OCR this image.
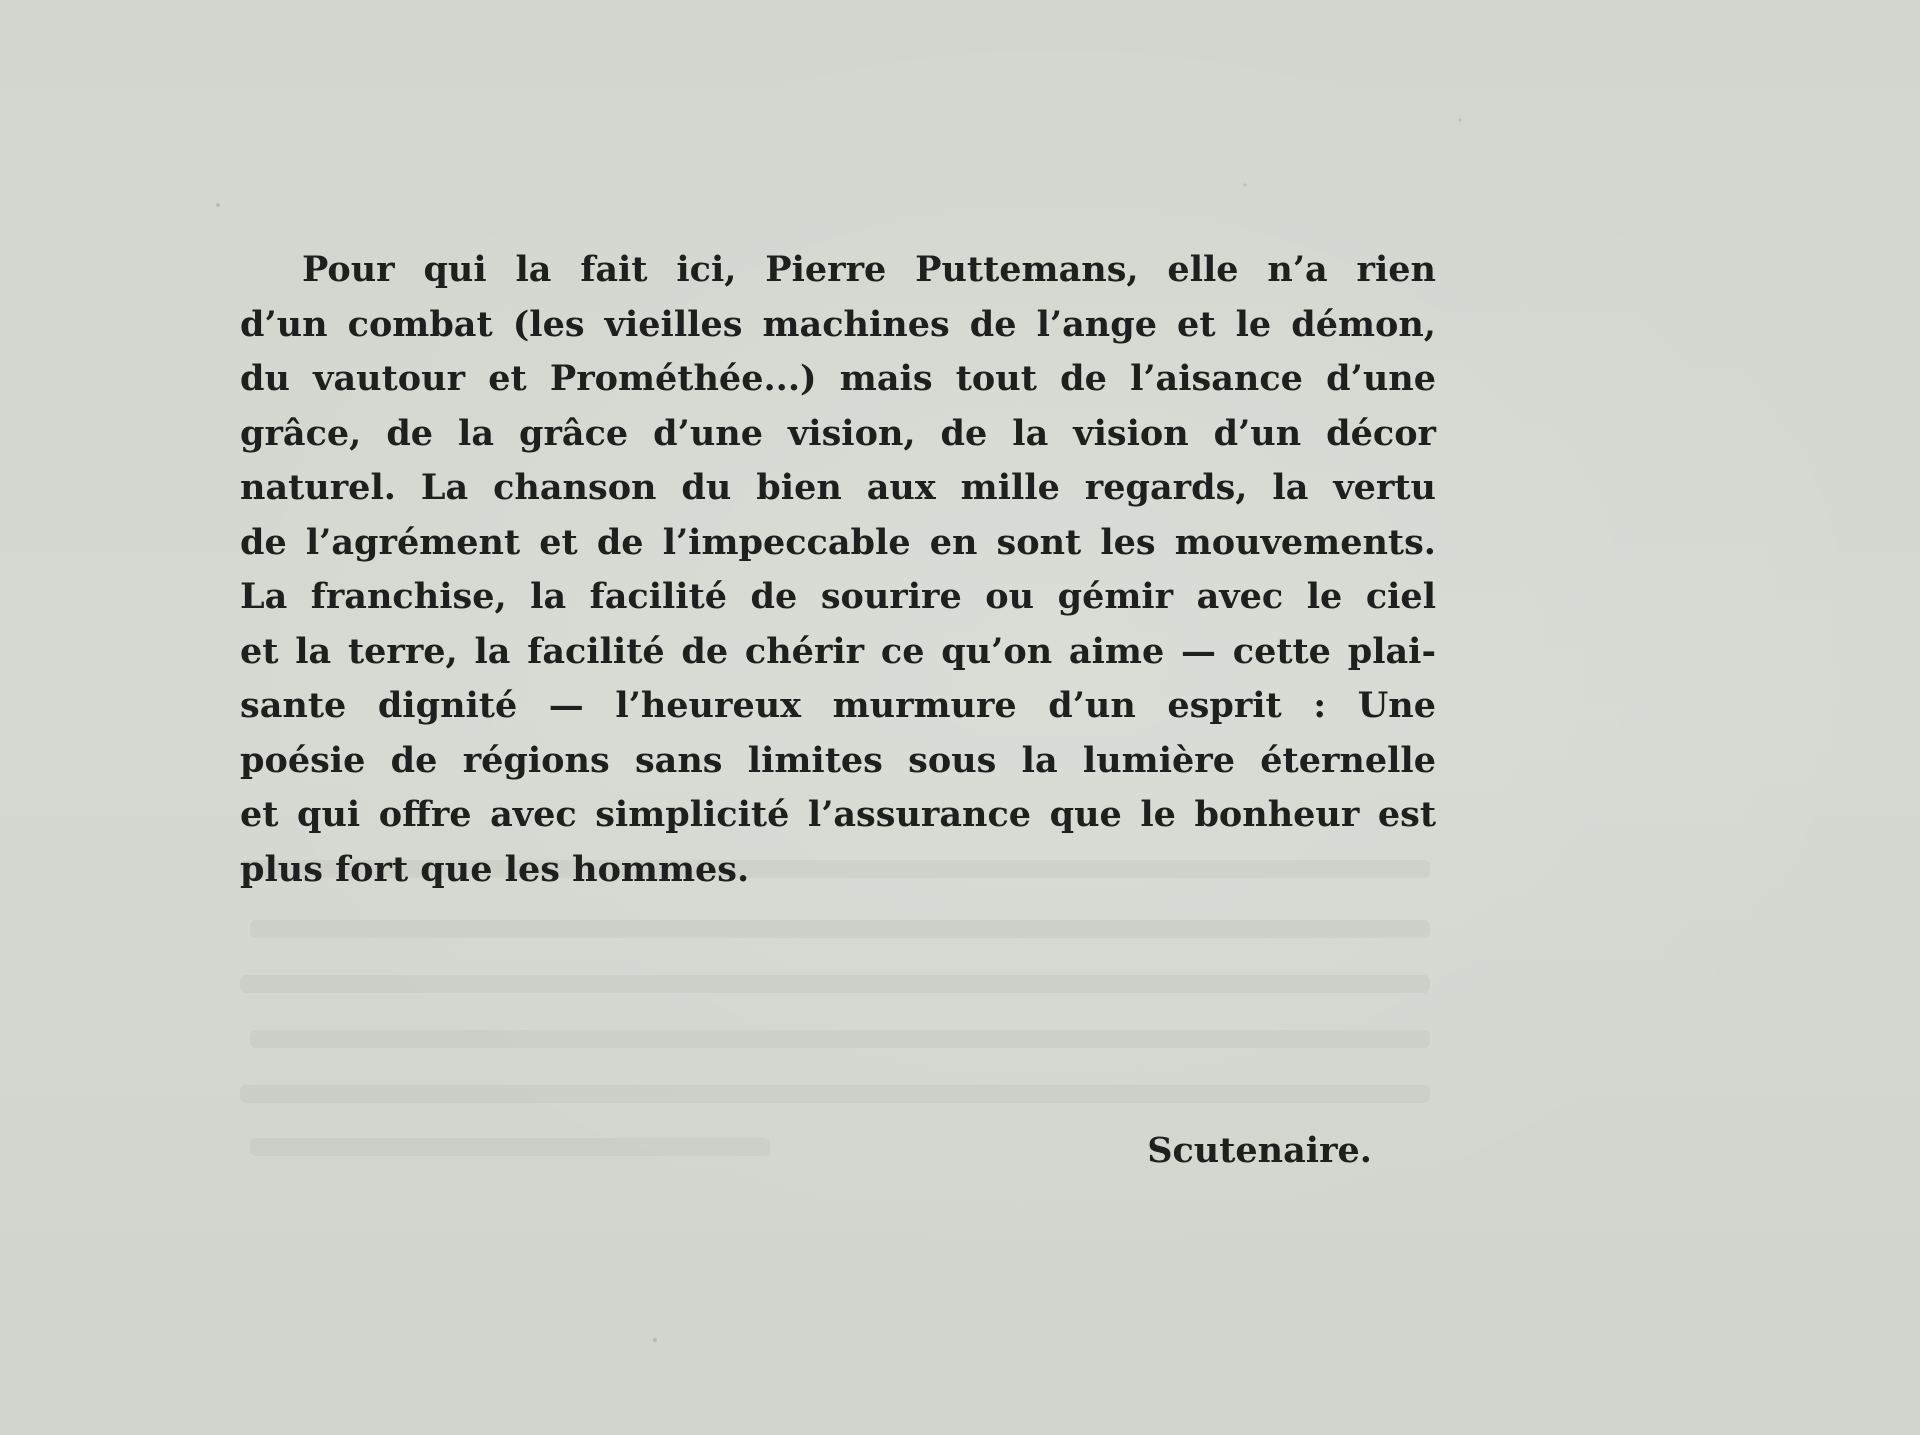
Pour qui la fait ici, Pierre Puttemans, elle n’a rien
d’un combat (les vieilles machines de l’ange et le démon,
du vautour et Prométhée...) mais tout de l’aisance d’une
grâce, de la grâce d’une vision, de la vision d’un décor
naturel. La chanson du bien aux mille regards, la vertu
de l’agrément et de l’impeccable en sont les mouvements.
La franchise, la facilité de sourire ou gémir avec le ciel
et la terre, la facilité de chérir ce qu’on aime — cette plai-
sante dignité — l’heureux murmure d’un esprit : Une
poésie de régions sans limites sous la lumière éternelle
et qui offre avec simplicité l’assurance que le bonheur est
plus fort que les hommes.
Scutenaire.
